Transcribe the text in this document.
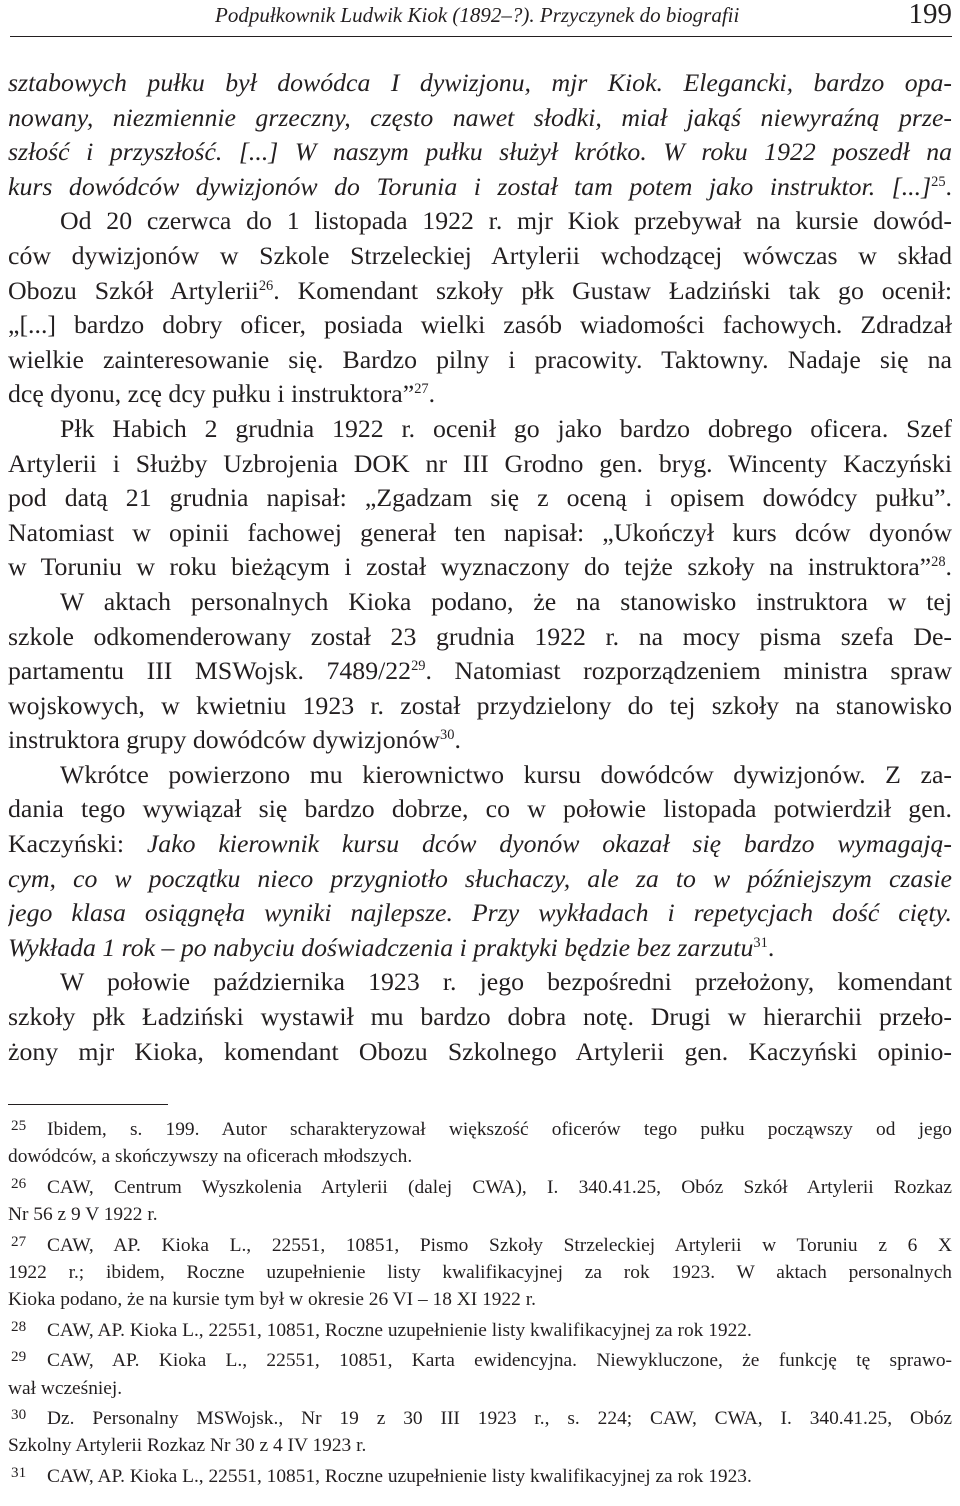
Podpułkownik Ludwik Kiok (1892–?). Przyczynek do biografii	199
sztabowych pułku był dowódca I dywizjonu, mjr Kiok. Elegancki, bardzo opa-
nowany, niezmiennie grzeczny, często nawet słodki, miał jakąś niewyraźną prze-
szłość i przyszłość. [...] W naszym pułku służył krótko. W roku 1922 poszedł na
kurs dowódców dywizjonów do Torunia i został tam potem jako instruktor. [...]$^{25}$.
Od 20 czerwca do 1 listopada 1922 r. mjr Kiok przebywał na kursie dowód-
ców dywizjonów w Szkole Strzeleckiej Artylerii wchodzącej wówczas w skład
Obozu Szkół Artylerii$^{26}$. Komendant szkoły płk Gustaw Ładziński tak go ocenił:
„[...] bardzo dobry oficer, posiada wielki zasób wiadomości fachowych. Zdradzał
wielkie zainteresowanie się. Bardzo pilny i pracowity. Taktowny. Nadaje się na
dcę dyonu, zcę dcy pułku i instruktora”$^{27}$.
Płk Habich 2 grudnia 1922 r. ocenił go jako bardzo dobrego oficera. Szef
Artylerii i Służby Uzbrojenia DOK nr III Grodno gen. bryg. Wincenty Kaczyński
pod datą 21 grudnia napisał: „Zgadzam się z oceną i opisem dowódcy pułku”.
Natomiast w opinii fachowej generał ten napisał: „Ukończył kurs dców dyonów
w Toruniu w roku bieżącym i został wyznaczony do tejże szkoły na instruktora”$^{28}$.
W aktach personalnych Kioka podano, że na stanowisko instruktora w tej
szkole odkomenderowany został 23 grudnia 1922 r. na mocy pisma szefa De-
partamentu III MSWojsk. $7489/22^{29}$. Natomiast rozporządzeniem ministra spraw
wojskowych, w kwietniu 1923 r. został przydzielony do tej szkoły na stanowisko
instruktora grupy dowódców dywizjonów$^{30}$.
Wkrótce powierzono mu kierownictwo kursu dowódców dywizjonów. Z za-
dania tego wywiązał się bardzo dobrze, co w połowie listopada potwierdził gen.
Kaczyński: Jako kierownik kursu dców dyonów okazał się bardzo wymagają-
cym, co w początku nieco przygniotło słuchaczy, ale za to w późniejszym czasie
jego klasa osiągnęła wyniki najlepsze. Przy wykładach i repetycjach dość cięty.
Wykłada 1 rok – po nabyciu doświadczenia i praktyki będzie bez zarzutu$^{31}$.
W połowie października 1923 r. jego bezpośredni przełożony, komendant
szkoły płk Ładziński wystawił mu bardzo dobra notę. Drugi w hierarchii przeło-
żony mjr Kioka, komendant Obozu Szkolnego Artylerii gen. Kaczyński opinio-
25 Ibidem, s. 199. Autor scharakteryzował większość oficerów tego pułku począwszy od jego
dowódców, a skończywszy na oficerach młodszych.
26 CAW, Centrum Wyszkolenia Artylerii (dalej CWA), I. 340.41.25, Obóz Szkół Artylerii Rozkaz
Nr 56 z 9 V 1922 r.
27 CAW, AP. Kioka L., 22551, 10851, Pismo Szkoły Strzeleckiej Artylerii w Toruniu z 6 X
1922 r.; ibidem, Roczne uzupełnienie listy kwalifikacyjnej za rok 1923. W aktach personalnych
Kioka podano, że na kursie tym był w okresie 26 VI – 18 XI 1922 r.
28 CAW, AP. Kioka L., 22551, 10851, Roczne uzupełnienie listy kwalifikacyjnej za rok 1922.
29 CAW, AP. Kioka L., 22551, 10851, Karta ewidencyjna. Niewykluczone, że funkcję tę sprawo-
wał wcześniej.
30 Dz. Personalny MSWojsk., Nr 19 z 30 III 1923 r., s. 224; CAW, CWA, I. 340.41.25, Obóz
Szkolny Artylerii Rozkaz Nr 30 z 4 IV 1923 r.
31 CAW, AP. Kioka L., 22551, 10851, Roczne uzupełnienie listy kwalifikacyjnej za rok 1923.
